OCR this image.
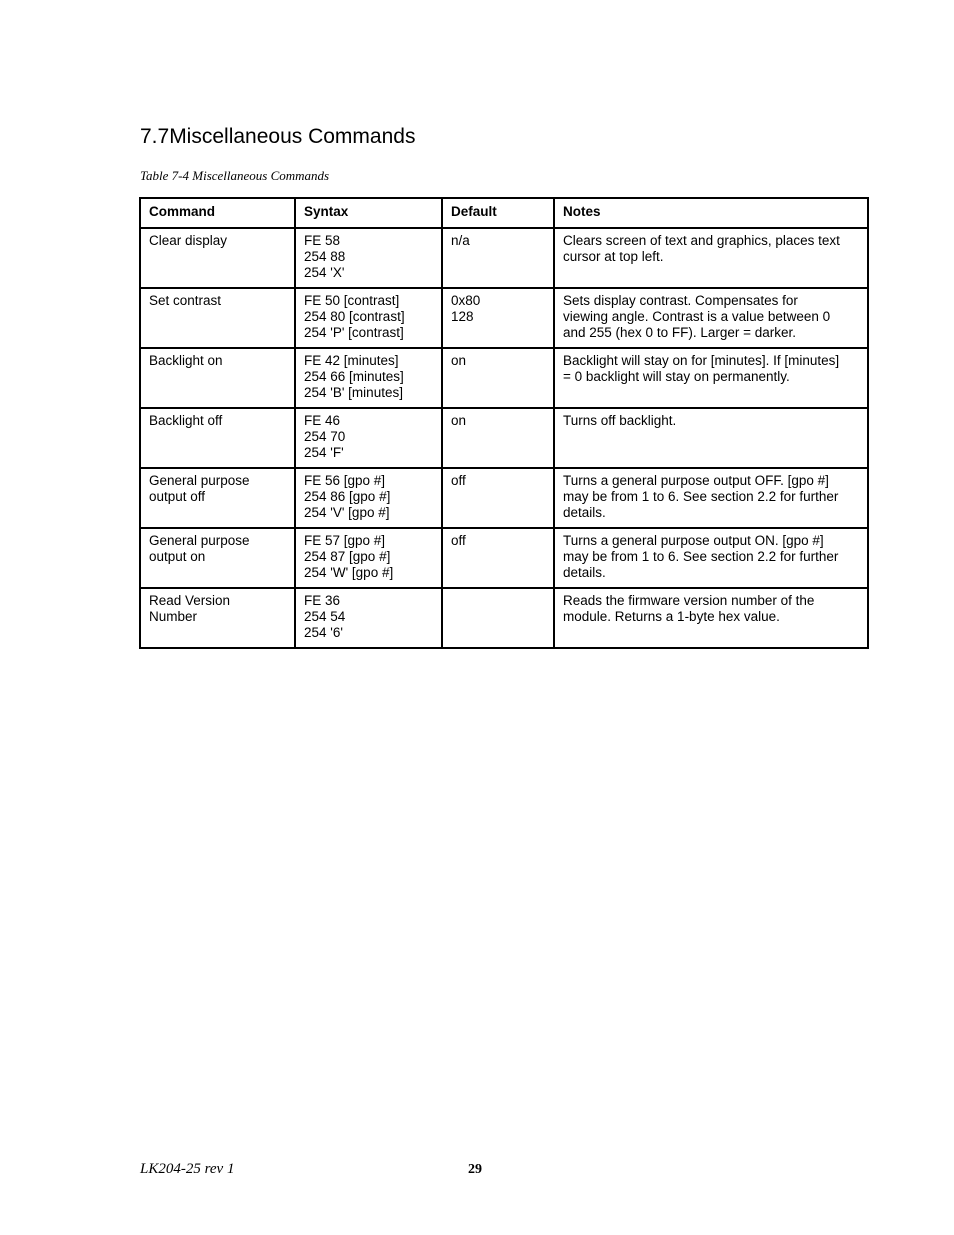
7.7Miscellaneous Commands
Table 7-4 Miscellaneous Commands
Command	Syntax	Default	Notes

Clear display	FE 58
254 88
254 'X'	n/a	Clears screen of text and graphics, places text
cursor at top left.

Set contrast	FE 50 [contrast]
254 80 [contrast]
254 'P' [contrast]	0x80
128	Sets display contrast. Compensates for
viewing angle. Contrast is a value between 0
and 255 (hex 0 to FF). Larger = darker.

Backlight on	FE 42 [minutes]
254 66 [minutes]
254 'B' [minutes]	on	Backlight will stay on for [minutes]. If [minutes]
= 0 backlight will stay on permanently.

Backlight off	FE 46
254 70
254 'F'	on	Turns off backlight.

General purpose
output off	FE 56 [gpo #]
254 86 [gpo #]
254 'V' [gpo #]	off	Turns a general purpose output OFF. [gpo #]
may be from 1 to 6. See section 2.2 for further
details.

General purpose
output on	FE 57 [gpo #]
254 87 [gpo #]
254 'W' [gpo #]	off	Turns a general purpose output ON. [gpo #]
may be from 1 to 6. See section 2.2 for further
details.

Read Version
Number	FE 36
254 54
254 '6'		Reads the firmware version number of the
module. Returns a 1-byte hex value.
LK204-25 rev 1	29
